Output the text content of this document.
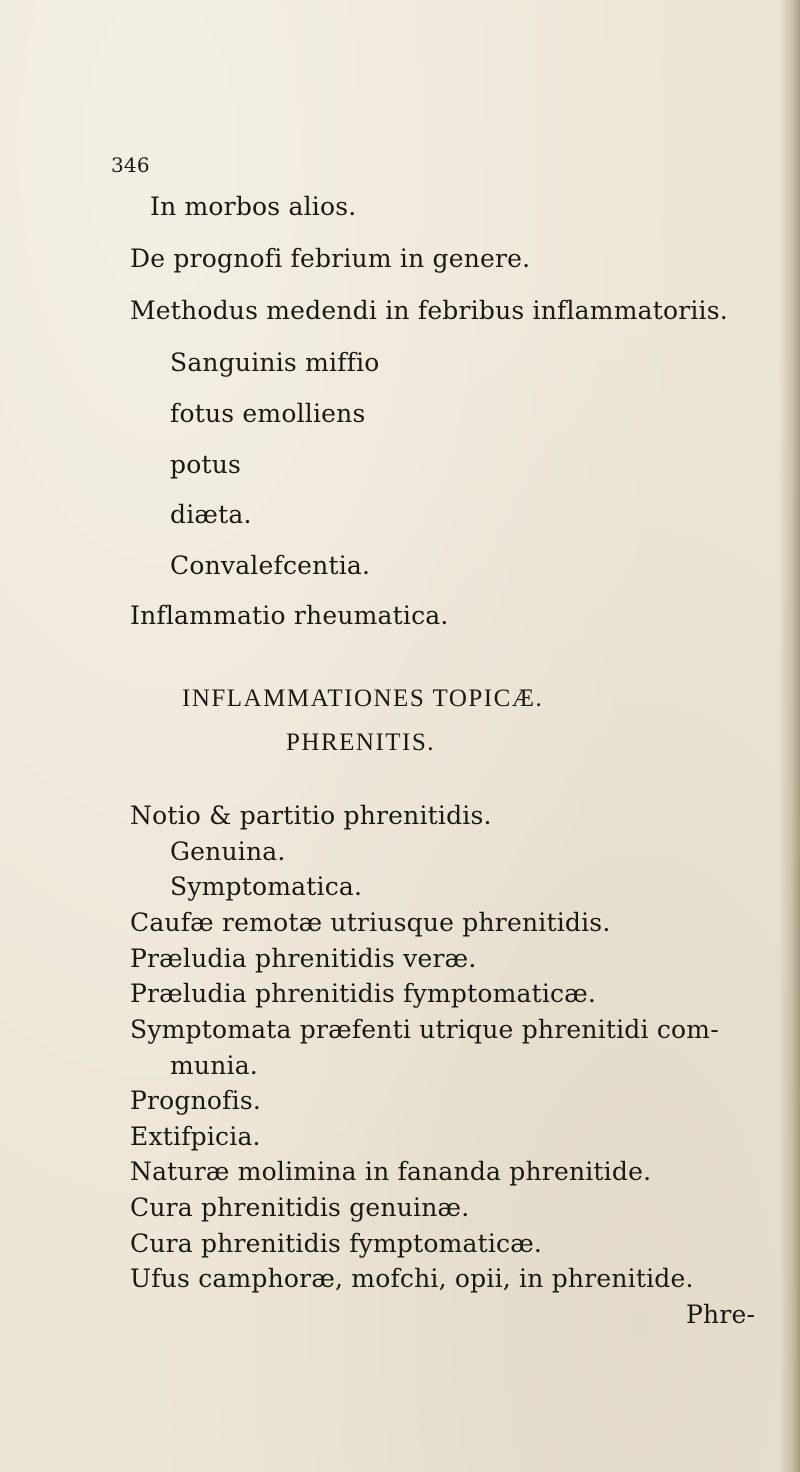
346
In morbos alios.
De prognofi febrium in genere.
Methodus medendi in febribus inflammatoriis.
Sanguinis miffio
fotus emolliens
potus
diæta.
Convalefcentia.
Inflammatio rheumatica.
INFLAMMATIONES TOPICÆ.
PHRENITIS.
Notio & partitio phrenitidis.
Genuina.
Symptomatica.
Caufæ remotæ utriusque phrenitidis.
Præludia phrenitidis veræ.
Præludia phrenitidis fymptomaticæ.
Symptomata præfenti utrique phrenitidi com-
munia.
Prognofis.
Extifpicia.
Naturæ molimina in fananda phrenitide.
Cura phrenitidis genuinæ.
Cura phrenitidis fymptomaticæ.
Ufus camphoræ, mofchi, opii, in phrenitide.
Phre-
